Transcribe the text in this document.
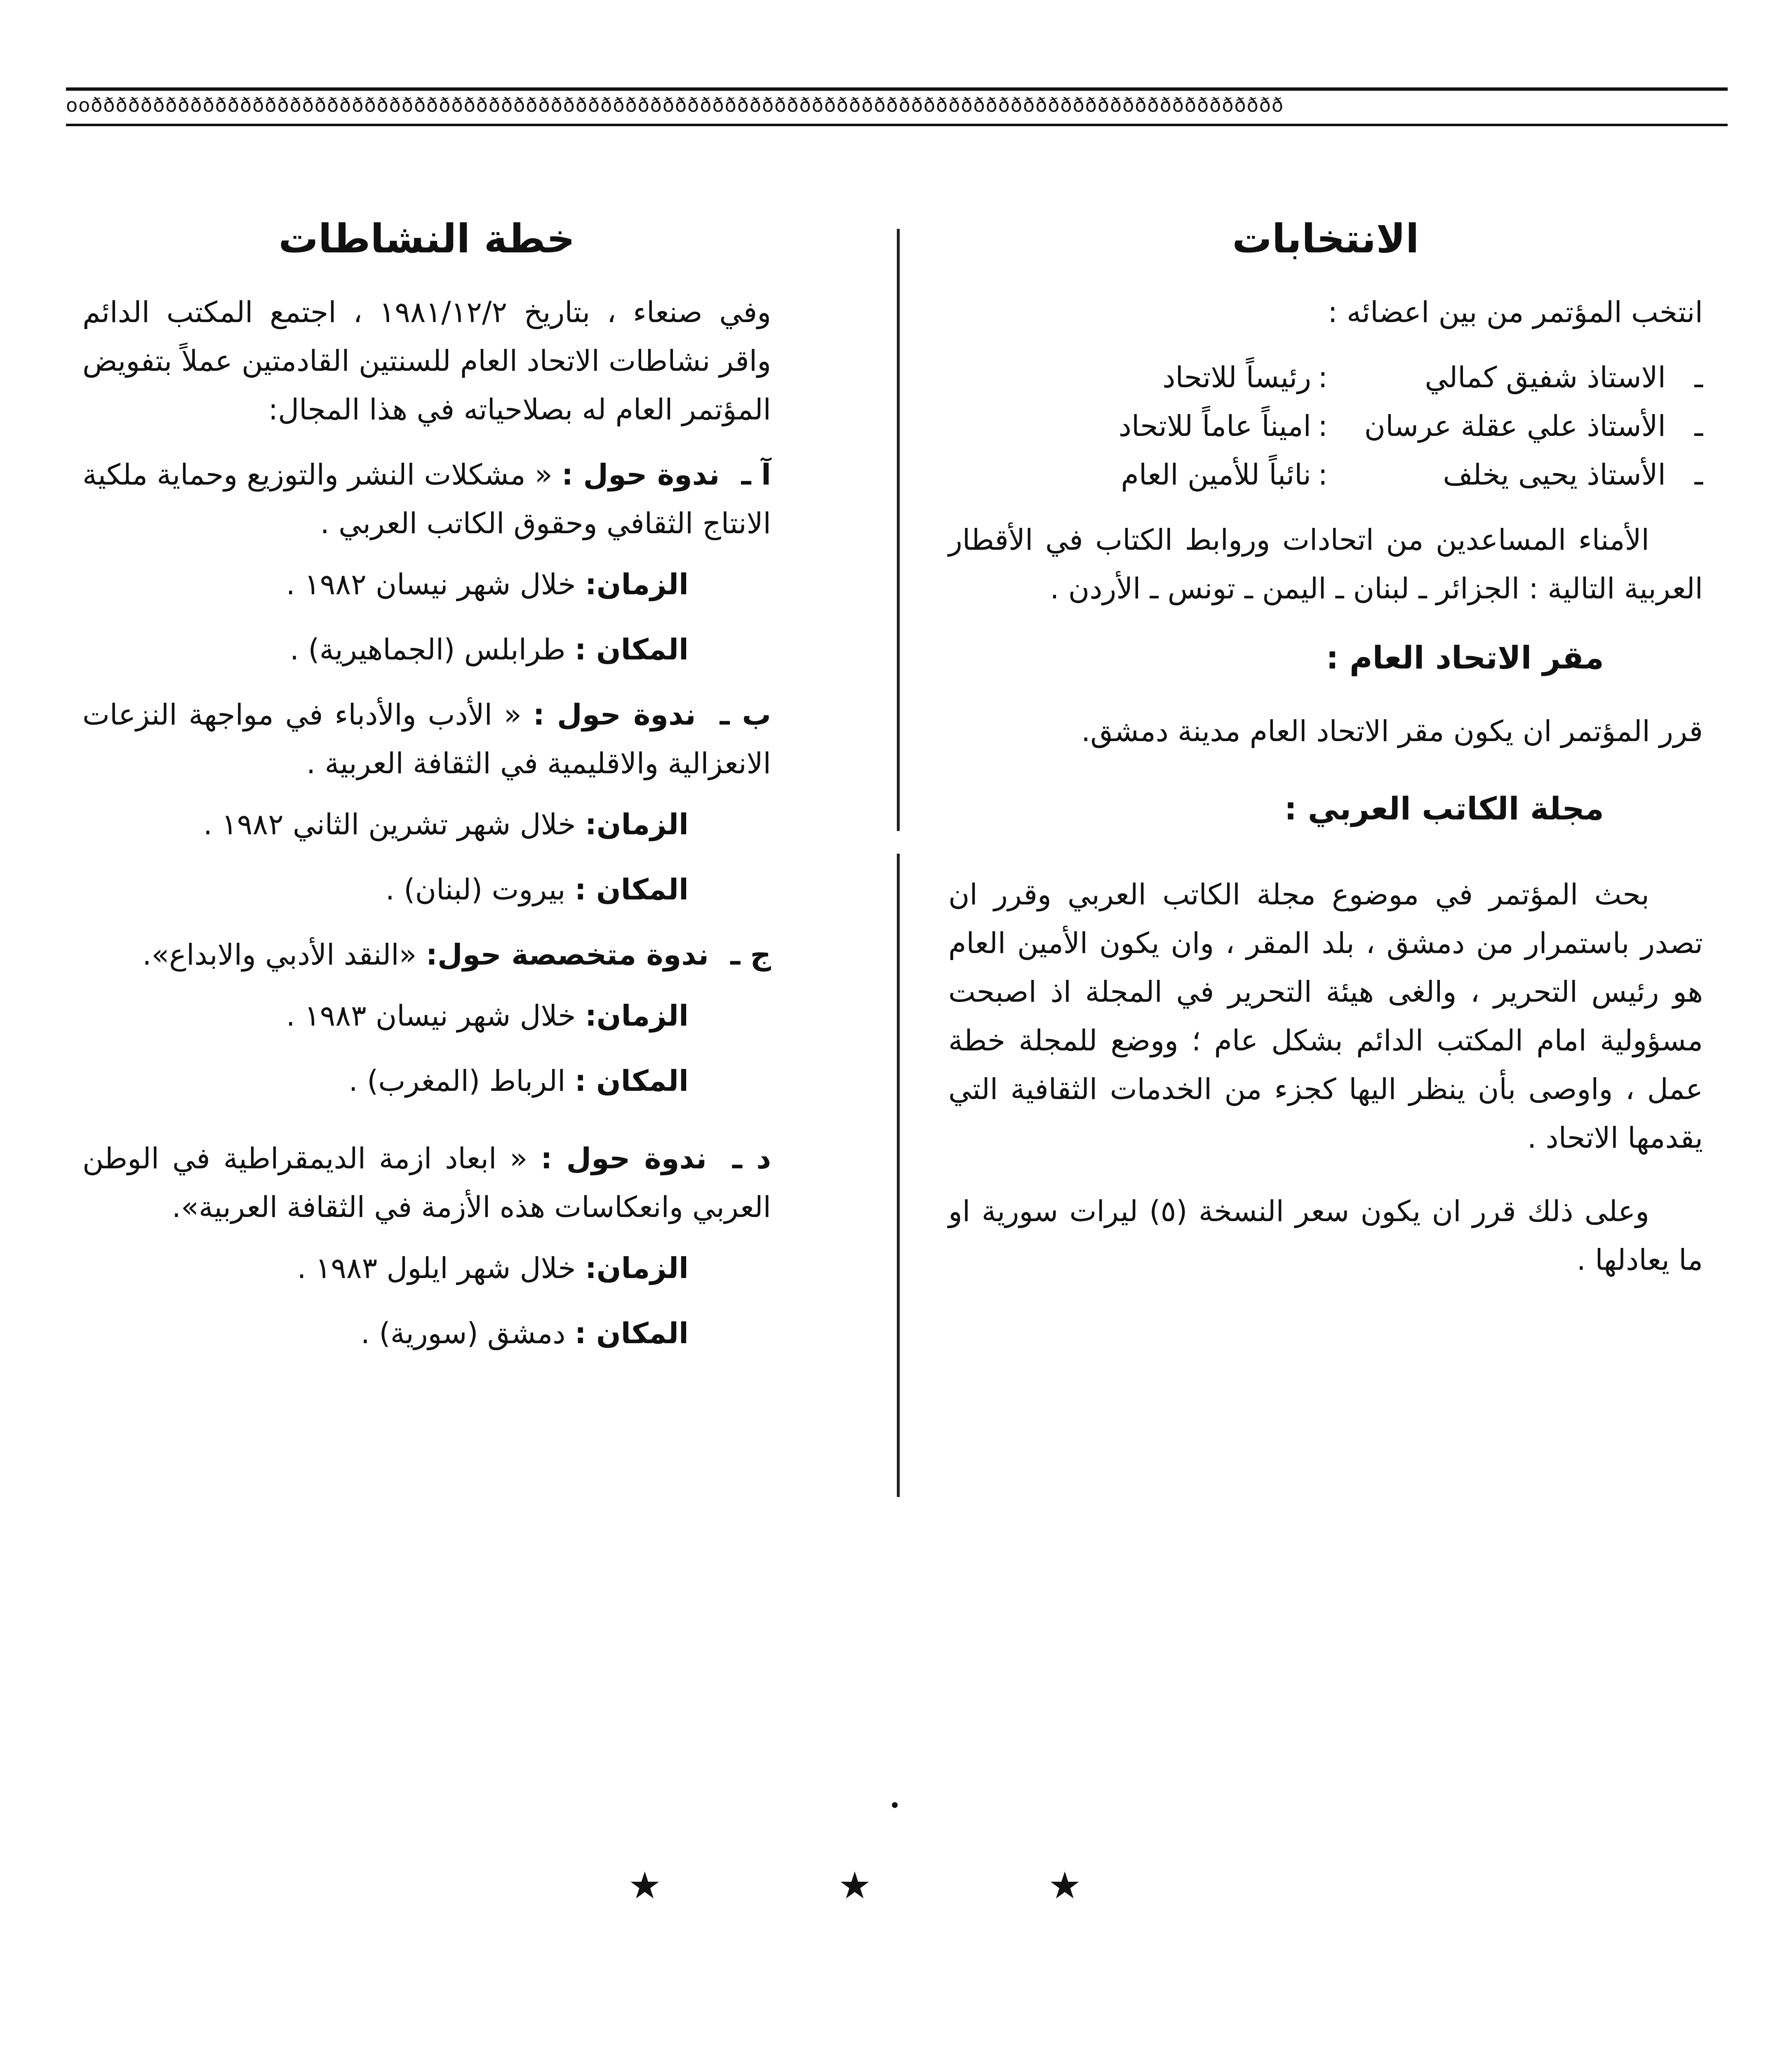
ooðððððððððððððððððððððððððððððððððððððððððððððððððððððððððððððððððððððððððððððððððððððððððððððððð
الانتخابات

انتخب المؤتمر من بين اعضائه :

ـ
الاستاذ شفيق كمالي
:
رئيساً للاتحاد
ـ
الأستاذ علي عقلة عرسان
:
اميناً عاماً للاتحاد
ـ
الأستاذ يحيى يخلف
:
نائباً للأمين العام

الأمناء المساعدين من اتحادات وروابط الكتاب في الأقطار العربية التالية : الجزائر ـ لبنان ـ اليمن ـ تونس ـ الأردن .

مقر الاتحاد العام :

قرر المؤتمر ان يكون مقر الاتحاد العام مدينة دمشق.

مجلة الكاتب العربي :

بحث المؤتمر في موضوع مجلة الكاتب العربي وقرر ان تصدر باستمرار من دمشق ، بلد المقر ، وان يكون الأمين العام هو رئيس التحرير ، والغى هيئة التحرير في المجلة اذ اصبحت مسؤولية امام المكتب الدائم بشكل عام ؛ ووضع للمجلة خطة عمل ، واوصى بأن ينظر اليها كجزء من الخدمات الثقافية التي يقدمها الاتحاد .

وعلى ذلك قرر ان يكون سعر النسخة (٥) ليرات سورية او ما يعادلها .

خطة النشاطات

وفي صنعاء ، بتاريخ ١٩٨١/١٢/٢ ، اجتمع المكتب الدائم واقر نشاطات الاتحاد العام للسنتين القادمتين عملاً بتفويض المؤتمر العام له بصلاحياته في هذا المجال:

آ ـ ندوة حول : « مشكلات النشر والتوزيع وحماية ملكية الانتاج الثقافي وحقوق الكاتب العربي .
الزمان: خلال شهر نيسان ١٩٨٢ .
المكان : طرابلس (الجماهيرية) .
ب ـ ندوة حول : « الأدب والأدباء في مواجهة النزعات الانعزالية والاقليمية في الثقافة العربية .
الزمان: خلال شهر تشرين الثاني ١٩٨٢ .
المكان : بيروت (لبنان) .
ج ـ ندوة متخصصة حول: «النقد الأدبي والابداع».
الزمان: خلال شهر نيسان ١٩٨٣ .
المكان : الرباط (المغرب) .
د ـ ندوة حول : « ابعاد ازمة الديمقراطية في الوطن العربي وانعكاسات هذه الأزمة في الثقافة العربية».
الزمان: خلال شهر ايلول ١٩٨٣ .
المكان : دمشق (سورية) .
★ ★ ★
